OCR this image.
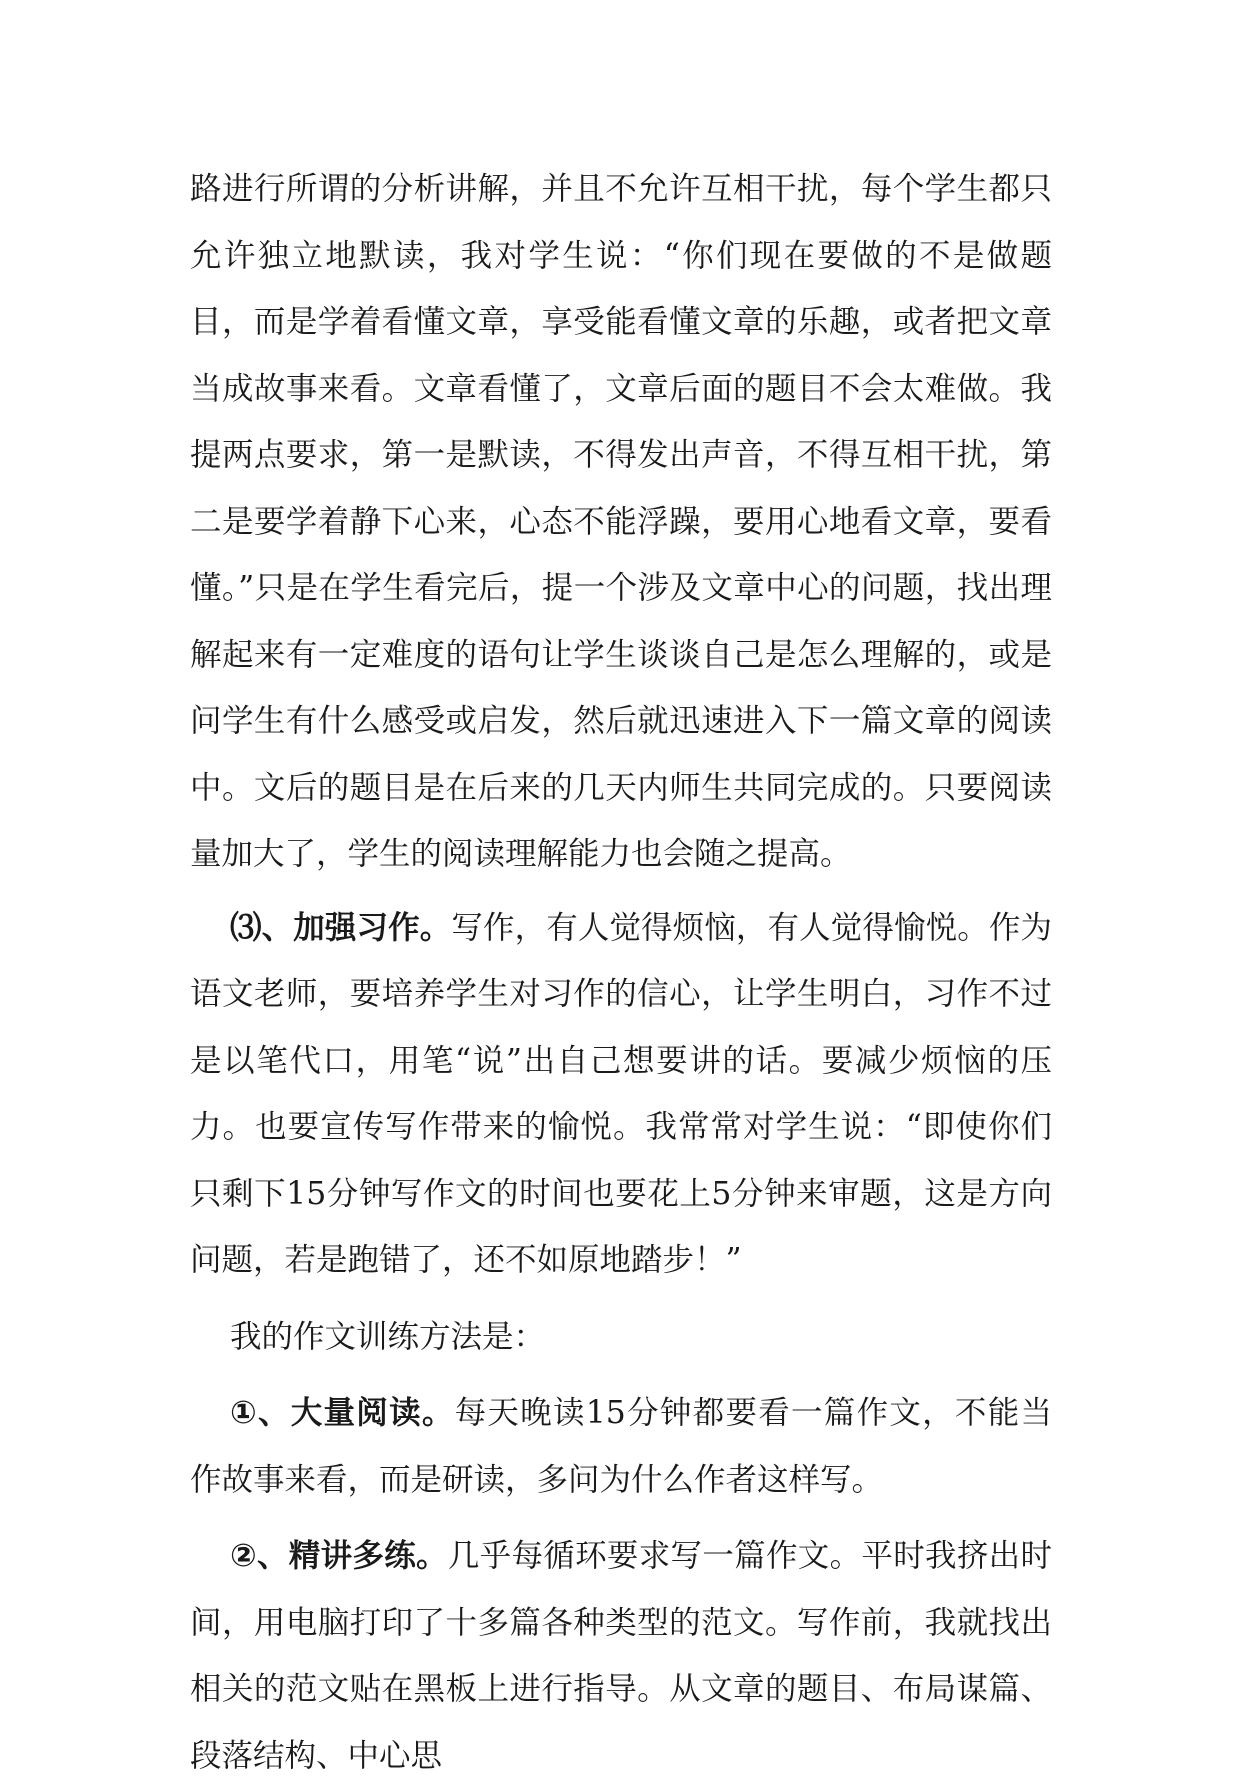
路进行所谓的分析讲解，并且不允许互相干扰，每个学生都只允许独立地默读，我对学生说：“你们现在要做的不是做题目，而是学着看懂文章，享受能看懂文章的乐趣，或者把文章当成故事来看。文章看懂了，文章后面的题目不会太难做。我提两点要求，第一是默读，不得发出声音，不得互相干扰，第二是要学着静下心来，心态不能浮躁，要用心地看文章，要看懂。”只是在学生看完后，提一个涉及文章中心的问题，找出理解起来有一定难度的语句让学生谈谈自己是怎么理解的，或是问学生有什么感受或启发，然后就迅速进入下一篇文章的阅读中。文后的题目是在后来的几天内师生共同完成的。只要阅读量加大了，学生的阅读理解能力也会随之提高。

⑶、加强习作。写作，有人觉得烦恼，有人觉得愉悦。作为语文老师，要培养学生对习作的信心，让学生明白，习作不过是以笔代口，用笔“说”出自己想要讲的话。要减少烦恼的压力。也要宣传写作带来的愉悦。我常常对学生说：“即使你们只剩下15分钟写作文的时间也要花上5分钟来审题，这是方向问题，若是跑错了，还不如原地踏步！”

我的作文训练方法是：

①、大量阅读。每天晚读15分钟都要看一篇作文，不能当作故事来看，而是研读，多问为什么作者这样写。

②、精讲多练。几乎每循环要求写一篇作文。平时我挤出时间，用电脑打印了十多篇各种类型的范文。写作前，我就找出相关的范文贴在黑板上进行指导。从文章的题目、布局谋篇、段落结构、中心思
